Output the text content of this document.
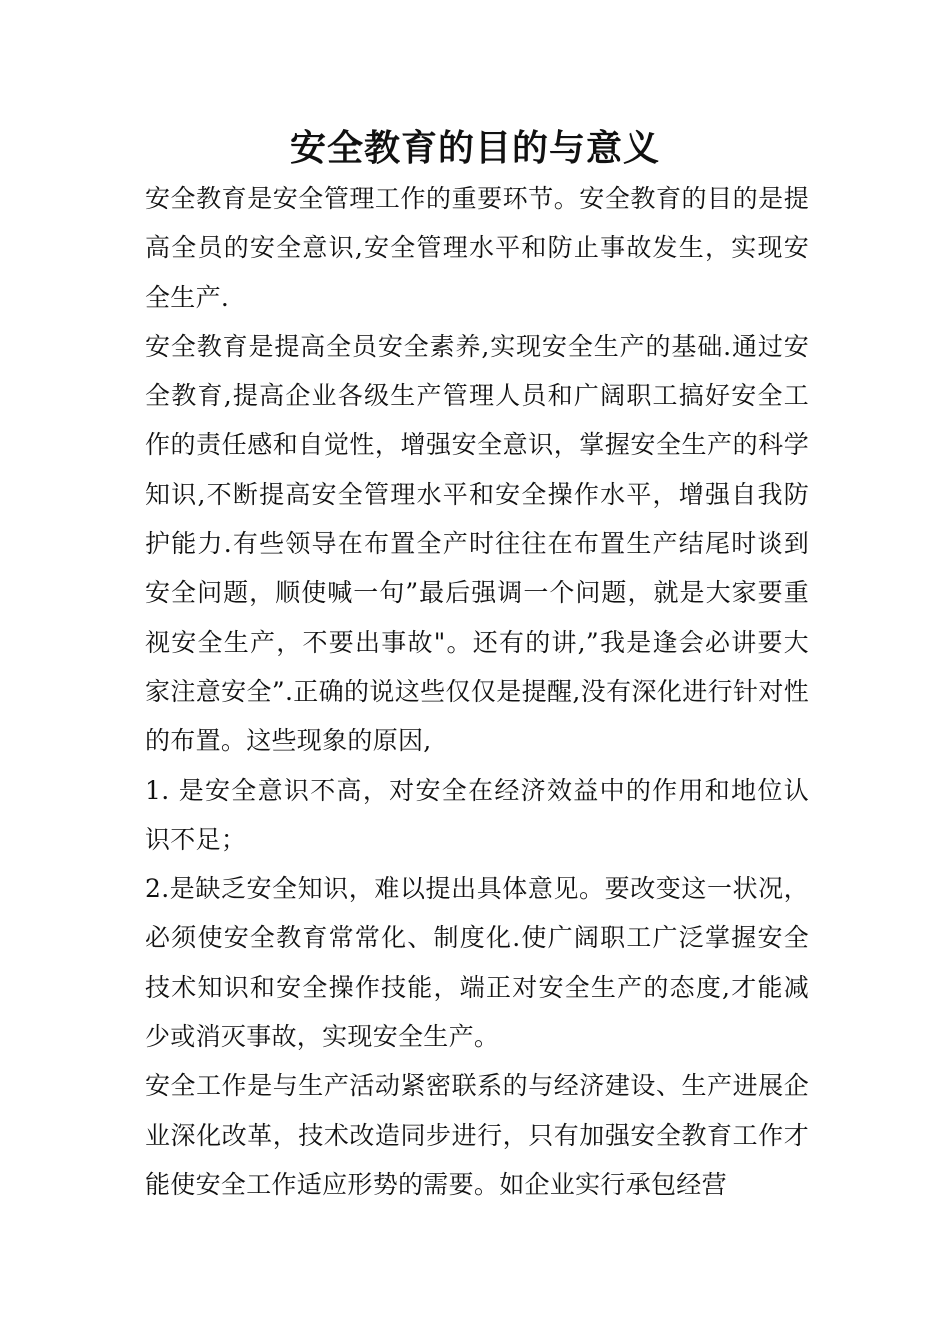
安全教育的目的与意义

安全教育是安全管理工作的重要环节。安全教育的目的是提高全员的安全意识,安全管理水平和防止事故发生，实现安全生产.

安全教育是提高全员安全素养,实现安全生产的基础.通过安全教育,提高企业各级生产管理人员和广阔职工搞好安全工作的责任感和自觉性，增强安全意识，掌握安全生产的科学知识,不断提高安全管理水平和安全操作水平，增强自我防护能力.有些领导在布置全产时往往在布置生产结尾时谈到安全问题，顺使喊一句”最后强调一个问题，就是大家要重视安全生产，不要出事故"。还有的讲,”我是逢会必讲要大家注意安全”.正确的说这些仅仅是提醒,没有深化进行针对性的布置。这些现象的原因,

1. 是安全意识不高，对安全在经济效益中的作用和地位认识不足；

2.是缺乏安全知识，难以提出具体意见。要改变这一状况，必须使安全教育常常化、制度化.使广阔职工广泛掌握安全技术知识和安全操作技能，端正对安全生产的态度,才能减少或消灭事故，实现安全生产。

安全工作是与生产活动紧密联系的与经济建设、生产进展企业深化改革，技术改造同步进行，只有加强安全教育工作才能使安全工作适应形势的需要。如企业实行承包经营
